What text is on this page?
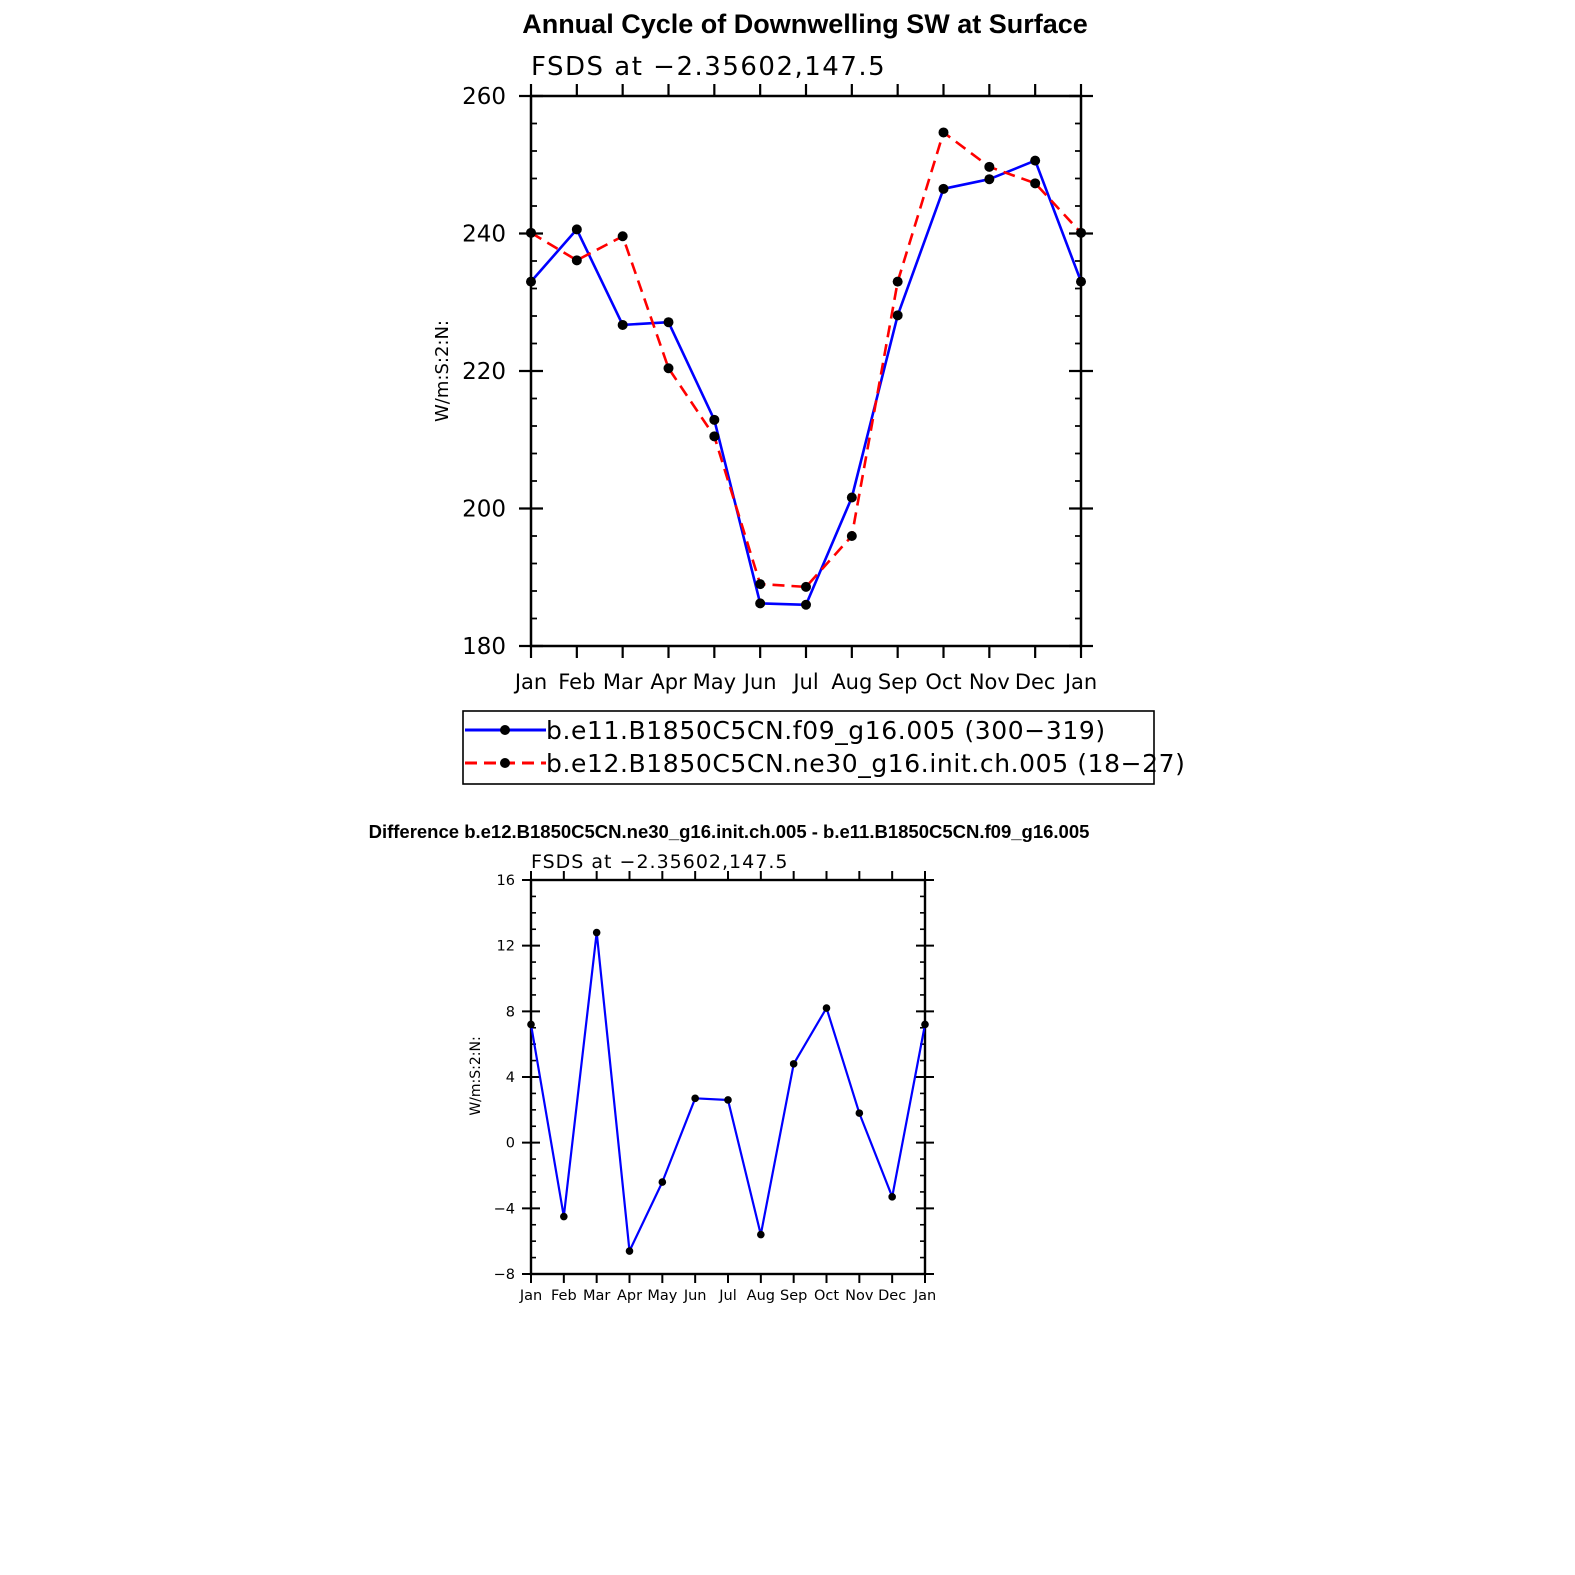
Annual Cycle of Downwelling SW at Surface
FSDS at −2.35602,147.5
W/m:S:2:N:
Jan Feb Mar Apr May Jun Jul Aug Sep Oct Nov Dec Jan
180
200
220
240
260
b.e11.B1850C5CN.f09_g16.005 (300−319)
b.e12.B1850C5CN.ne30_g16.init.ch.005 (18−27)
Difference b.e12.B1850C5CN.ne30_g16.init.ch.005 - b.e11.B1850C5CN.f09_g16.005
FSDS at −2.35602,147.5
W/m:S:2:N:
Jan Feb Mar Apr May Jun Jul Aug Sep Oct Nov Dec Jan
−8
−4
0
4
8
12
16
